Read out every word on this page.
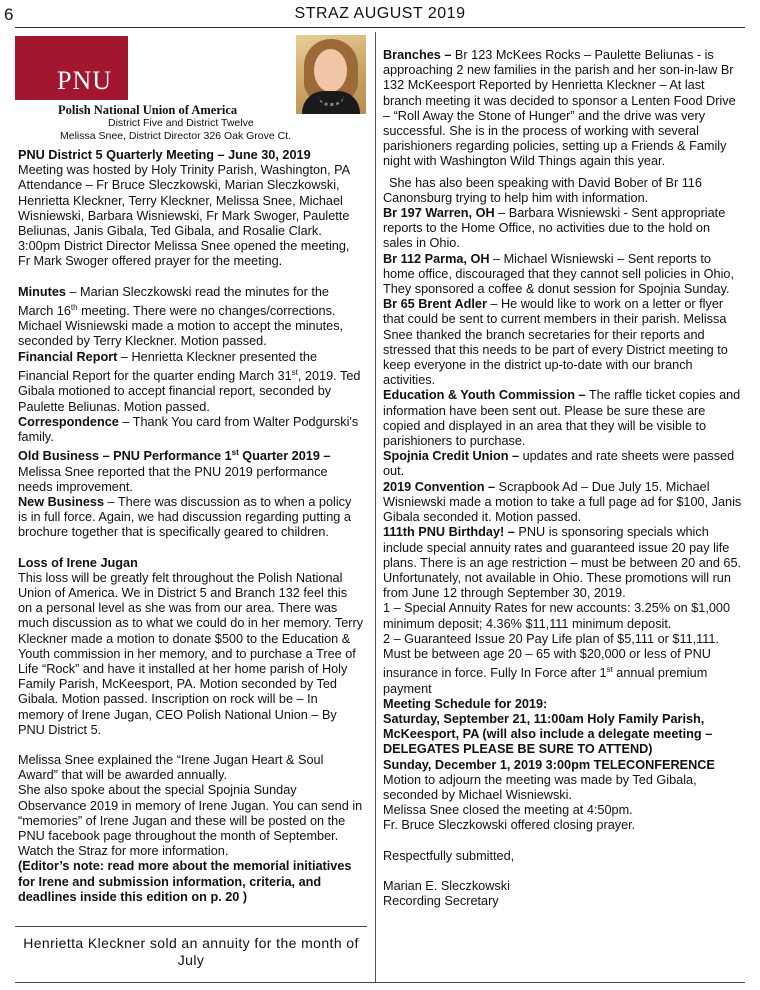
6	STRAZ AUGUST 2019
PNU
Polish National Union of America
District Five and District Twelve
Melissa Snee, District Director 326 Oak Grove Ct.

PNU District 5 Quarterly Meeting – June 30, 2019

Meeting was hosted by Holy Trinity Parish, Washington, PA Attendance – Fr Bruce Sleczkowski, Marian Sleczkowski, Henrietta Kleckner, Terry Kleckner, Melissa Snee, Michael Wisniewski, Barbara Wisniewski, Fr Mark Swoger, Paulette Beliunas, Janis Gibala, Ted Gibala, and Rosalie Clark. 3:00pm District Director Melissa Snee opened the meeting, Fr Mark Swoger offered prayer for the meeting.

Minutes – Marian Sleczkowski read the minutes for the March 16th meeting. There were no changes/corrections. Michael Wisniewski made a motion to accept the minutes, seconded by Terry Kleckner. Motion passed.

Financial Report – Henrietta Kleckner presented the Financial Report for the quarter ending March 31st, 2019. Ted Gibala motioned to accept financial report, seconded by Paulette Beliunas. Motion passed.

Correspondence – Thank You card from Walter Podgurski's family.

Old Business – PNU Performance 1st Quarter 2019 –

Melissa Snee reported that the PNU 2019 performance needs improvement.

New Business – There was discussion as to when a policy is in full force. Again, we had discussion regarding putting a brochure together that is specifically geared to children.

Loss of Irene Jugan

This loss will be greatly felt throughout the Polish National Union of America. We in District 5 and Branch 132 feel this on a personal level as she was from our area. There was much discussion as to what we could do in her memory. Terry Kleckner made a motion to donate $500 to the Education & Youth commission in her memory, and to purchase a Tree of Life “Rock” and have it installed at her home parish of Holy Family Parish, McKeesport, PA. Motion seconded by Ted Gibala. Motion passed. Inscription on rock will be – In memory of Irene Jugan, CEO Polish National Union – By PNU District 5.

Melissa Snee explained the “Irene Jugan Heart & Soul Award” that will be awarded annually.

She also spoke about the special Spojnia Sunday Observance 2019 in memory of Irene Jugan. You can send in “memories” of Irene Jugan and these will be posted on the PNU facebook page throughout the month of September. Watch the Straz for more information.

(Editor’s note: read more about the memorial initiatives for Irene and submission information, criteria, and deadlines inside this edition on p. 20 )

Henrietta Kleckner sold an annuity for the month of July

Branches – Br 123 McKees Rocks – Paulette Beliunas - is approaching 2 new families in the parish and her son-in-law Br 132 McKeesport Reported by Henrietta Kleckner – At last branch meeting it was decided to sponsor a Lenten Food Drive – “Roll Away the Stone of Hunger” and the drive was very successful. She is in the process of working with several parishioners regarding policies, setting up a Friends & Family night with Washington Wild Things again this year.

She has also been speaking with David Bober of Br 116 Canonsburg trying to help him with information.

Br 197 Warren, OH – Barbara Wisniewski - Sent appropriate reports to the Home Office, no activities due to the hold on sales in Ohio.

Br 112 Parma, OH – Michael Wisniewski – Sent reports to home office, discouraged that they cannot sell policies in Ohio, They sponsored a coffee & donut session for Spojnia Sunday.

Br 65 Brent Adler – He would like to work on a letter or flyer that could be sent to current members in their parish. Melissa Snee thanked the branch secretaries for their reports and stressed that this needs to be part of every District meeting to keep everyone in the district up-to-date with our branch activities.

Education & Youth Commission – The raffle ticket copies and information have been sent out. Please be sure these are copied and displayed in an area that they will be visible to parishioners to purchase.

Spojnia Credit Union – updates and rate sheets were passed out.

2019 Convention – Scrapbook Ad – Due July 15. Michael Wisniewski made a motion to take a full page ad for $100, Janis Gibala seconded it. Motion passed.

111th PNU Birthday! – PNU is sponsoring specials which include special annuity rates and guaranteed issue 20 pay life plans. There is an age restriction – must be between 20 and 65. Unfortunately, not available in Ohio. These promotions will run from June 12 through September 30, 2019.

1 – Special Annuity Rates for new accounts: 3.25% on $1,000 minimum deposit; 4.36% $11,111 minimum deposit.

2 – Guaranteed Issue 20 Pay Life plan of $5,111 or $11,111. Must be between age 20 – 65 with $20,000 or less of PNU insurance in force. Fully In Force after 1st annual premium payment

Meeting Schedule for 2019:

Saturday, September 21, 11:00am Holy Family Parish, McKeesport, PA (will also include a delegate meeting – DELEGATES PLEASE BE SURE TO ATTEND)

Sunday, December 1, 2019 3:00pm TELECONFERENCE

Motion to adjourn the meeting was made by Ted Gibala, seconded by Michael Wisniewski.

Melissa Snee closed the meeting at 4:50pm.

Fr. Bruce Sleczkowski offered closing prayer.

Respectfully submitted,

Marian E. Sleczkowski

Recording Secretary
